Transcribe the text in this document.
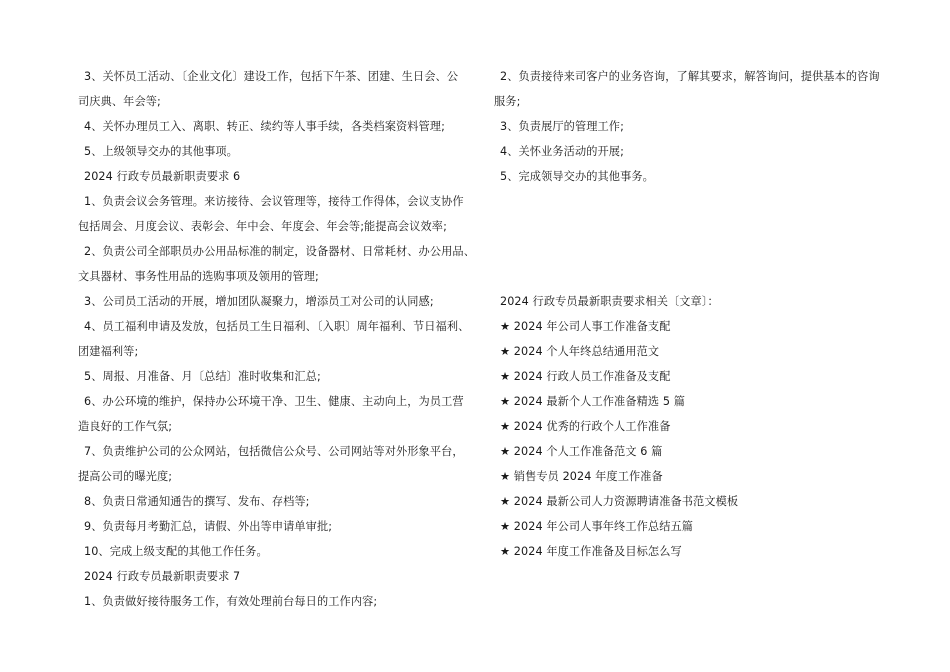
3、关怀员工活动、〔企业文化〕建设工作，包括下午茶、团建、生日会、公
司庆典、年会等;
4、关怀办理员工入、离职、转正、续约等人事手续，各类档案资料管理;
5、上级领导交办的其他事项。
2024 行政专员最新职责要求 6
1、负责会议会务管理。来访接待、会议管理等，接待工作得体，会议支协作
包括周会、月度会议、表彰会、年中会、年度会、年会等;能提高会议效率;
2、负责公司全部职员办公用品标准的制定，设备器材、日常耗材、办公用品、
文具器材、事务性用品的选购事项及领用的管理;
3、公司员工活动的开展，增加团队凝聚力，增添员工对公司的认同感;
4、员工福利申请及发放，包括员工生日福利、〔入职〕周年福利、节日福利、
团建福利等;
5、周报、月准备、月〔总结〕准时收集和汇总;
6、办公环境的维护，保持办公环境干净、卫生、健康、主动向上，为员工营
造良好的工作气氛;
7、负责维护公司的公众网站，包括微信公众号、公司网站等对外形象平台，
提高公司的曝光度;
8、负责日常通知通告的撰写、发布、存档等;
9、负责每月考勤汇总，请假、外出等申请单审批;
10、完成上级支配的其他工作任务。
2024 行政专员最新职责要求 7
1、负责做好接待服务工作，有效处理前台每日的工作内容;
2、负责接待来司客户的业务咨询，了解其要求，解答询问，提供基本的咨询
服务;
3、负责展厅的管理工作;
4、关怀业务活动的开展;
5、完成领导交办的其他事务。
2024 行政专员最新职责要求相关〔文章〕：
★ 2024 年公司人事工作准备支配
★ 2024 个人年终总结通用范文
★ 2024 行政人员工作准备及支配
★ 2024 最新个人工作准备精选 5 篇
★ 2024 优秀的行政个人工作准备
★ 2024 个人工作准备范文 6 篇
★ 销售专员 2024 年度工作准备
★ 2024 最新公司人力资源聘请准备书范文模板
★ 2024 年公司人事年终工作总结五篇
★ 2024 年度工作准备及目标怎么写
